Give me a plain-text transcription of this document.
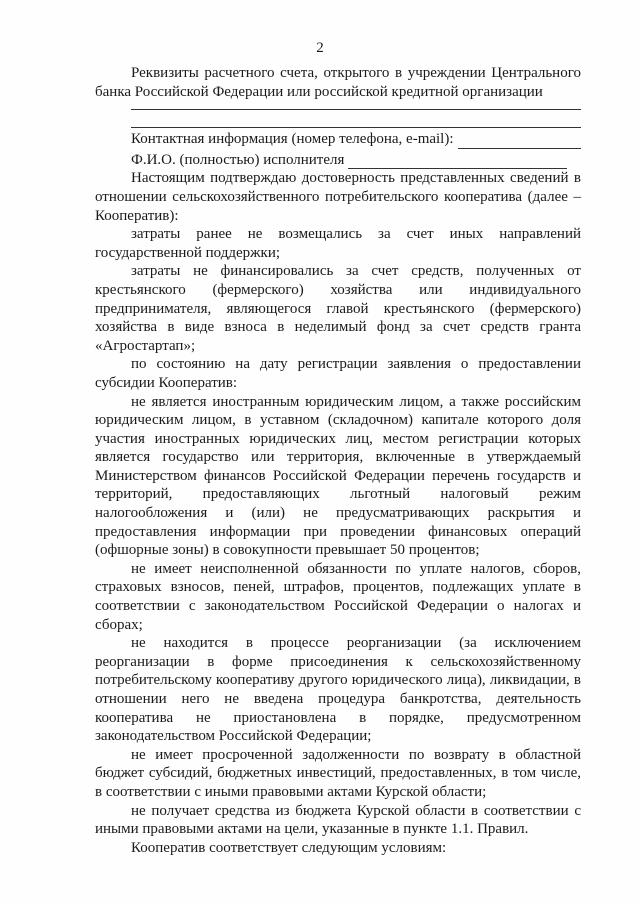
2

Реквизиты расчетного счета, открытого в учреждении Центрального банка Российской Федерации или российской кредитной организации

Контактная информация (номер телефона, e-mail):
Ф.И.О. (полностью) исполнителя

Настоящим подтверждаю достоверность представленных сведений в отношении сельскохозяйственного потребительского кооператива (далее – Кооператив):

затраты ранее не возмещались за счет иных направлений государственной поддержки;

затраты не финансировались за счет средств, полученных от крестьянского (фермерского) хозяйства или индивидуального предпринимателя, являющегося главой крестьянского (фермерского) хозяйства в виде взноса в неделимый фонд за счет средств гранта «Агростартап»;

по состоянию на дату регистрации заявления о предоставлении субсидии Кооператив:

не является иностранным юридическим лицом, а также российским юридическим лицом, в уставном (складочном) капитале которого доля участия иностранных юридических лиц, местом регистрации которых является государство или территория, включенные в утверждаемый Министерством финансов Российской Федерации перечень государств и территорий, предоставляющих льготный налоговый режим налогообложения и (или) не предусматривающих раскрытия и предоставления информации при проведении финансовых операций (офшорные зоны) в совокупности превышает 50 процентов;

не имеет неисполненной обязанности по уплате налогов, сборов, страховых взносов, пеней, штрафов, процентов, подлежащих уплате в соответствии с законодательством Российской Федерации о налогах и сборах;

не находится в процессе реорганизации (за исключением реорганизации в форме присоединения к сельскохозяйственному потребительскому кооперативу другого юридического лица), ликвидации, в отношении него не введена процедура банкротства, деятельность кооператива не приостановлена в порядке, предусмотренном законодательством Российской Федерации;

не имеет просроченной задолженности по возврату в областной бюджет субсидий, бюджетных инвестиций, предоставленных, в том числе, в соответствии с иными правовыми актами Курской области;

не получает средства из бюджета Курской области в соответствии с иными правовыми актами на цели, указанные в пункте 1.1. Правил.

Кооператив соответствует следующим условиям:
